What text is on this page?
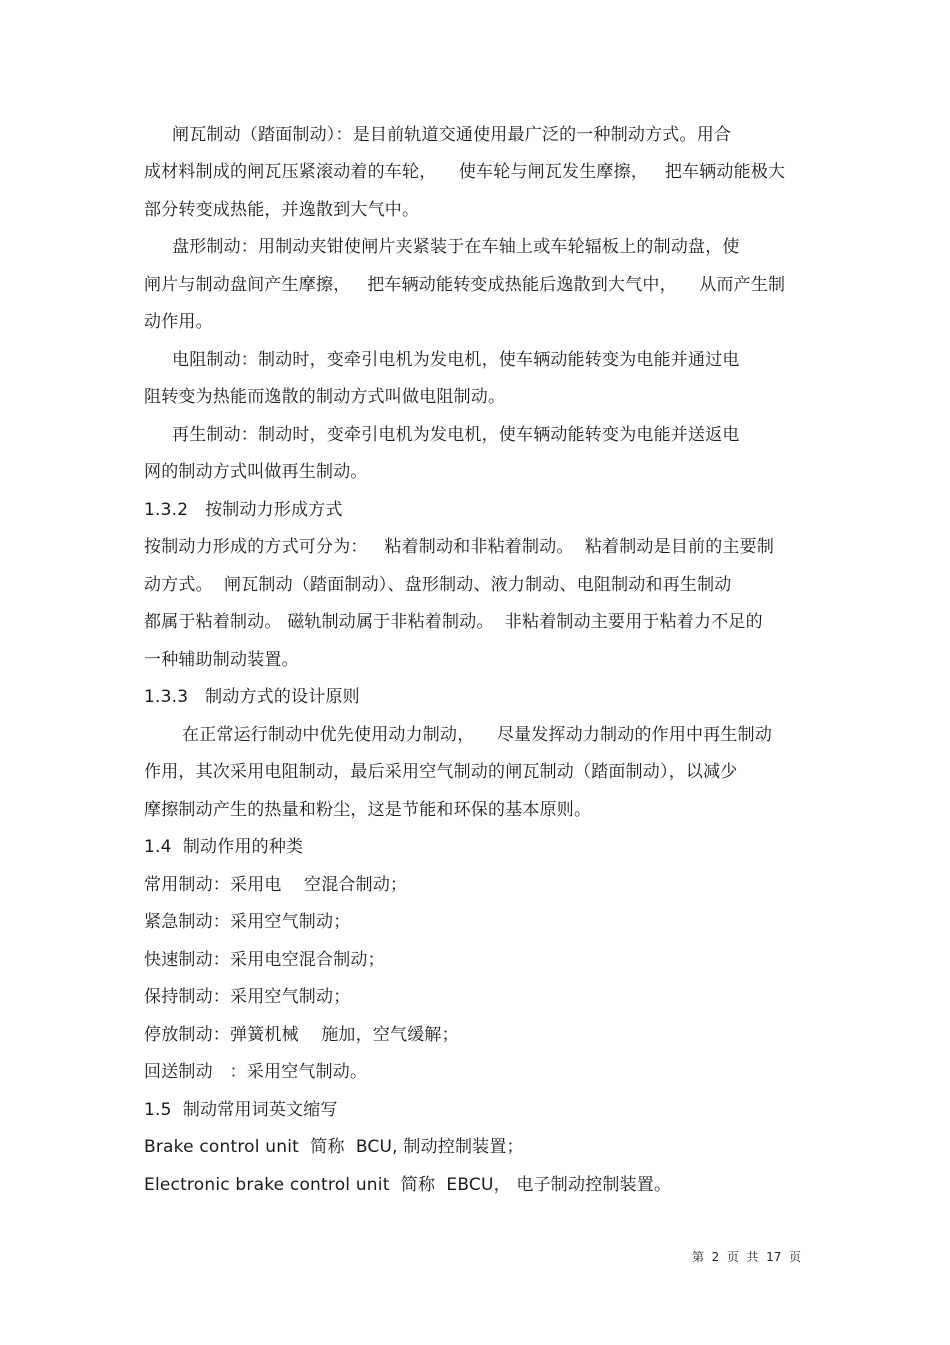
闸瓦制动（踏面制动）：是目前轨道交通使用最广泛的一种制动方式。用合
成材料制成的闸瓦压紧滚动着的车轮，    使车轮与闸瓦发生摩擦，   把车辆动能极大
部分转变成热能，并逸散到大气中。
盘形制动：用制动夹钳使闸片夹紧装于在车轴上或车轮辐板上的制动盘，使
闸片与制动盘间产生摩擦，   把车辆动能转变成热能后逸散到大气中，    从而产生制
动作用。
电阻制动：制动时，变牵引电机为发电机，使车辆动能转变为电能并通过电
阻转变为热能而逸散的制动方式叫做电阻制动。
再生制动：制动时，变牵引电机为发电机，使车辆动能转变为电能并送返电
网的制动方式叫做再生制动。
1.3.2   按制动力形成方式
按制动力形成的方式可分为：   粘着制动和非粘着制动。  粘着制动是目前的主要制
动方式。  闸瓦制动（踏面制动）、盘形制动、液力制动、电阻制动和再生制动
都属于粘着制动。 磁轨制动属于非粘着制动。  非粘着制动主要用于粘着力不足的
一种辅助制动装置。
1.3.3   制动方式的设计原则
在正常运行制动中优先使用动力制动，    尽量发挥动力制动的作用中再生制动
作用，其次采用电阻制动，最后采用空气制动的闸瓦制动（踏面制动），以减少
摩擦制动产生的热量和粉尘，这是节能和环保的基本原则。
1.4  制动作用的种类
常用制动：采用电    空混合制动；
紧急制动：采用空气制动；
快速制动：采用电空混合制动；
保持制动：采用空气制动；
停放制动：弹簧机械    施加，空气缓解；
回送制动   ：采用空气制动。
1.5  制动常用词英文缩写
Brake control unit  简称  BCU, 制动控制装置；
Electronic brake control unit  简称  EBCU， 电子制动控制装置。
第  2  页  共  17  页
